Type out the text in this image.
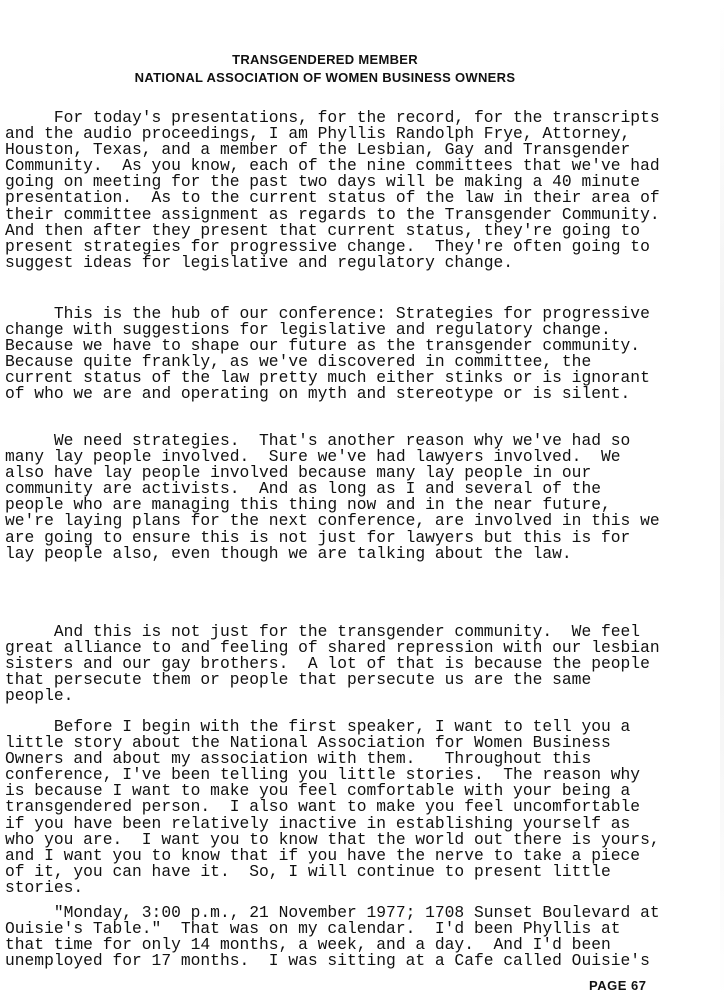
TRANSGENDERED MEMBER
NATIONAL ASSOCIATION OF WOMEN BUSINESS OWNERS
For today's presentations, for the record, for the transcripts
and the audio proceedings, I am Phyllis Randolph Frye, Attorney,
Houston, Texas, and a member of the Lesbian, Gay and Transgender
Community.  As you know, each of the nine committees that we've had
going on meeting for the past two days will be making a 40 minute
presentation.  As to the current status of the law in their area of
their committee assignment as regards to the Transgender Community.
And then after they present that current status, they're going to
present strategies for progressive change.  They're often going to
suggest ideas for legislative and regulatory change.
This is the hub of our conference: Strategies for progressive
change with suggestions for legislative and regulatory change.
Because we have to shape our future as the transgender community.
Because quite frankly, as we've discovered in committee, the
current status of the law pretty much either stinks or is ignorant
of who we are and operating on myth and stereotype or is silent.
We need strategies.  That's another reason why we've had so
many lay people involved.  Sure we've had lawyers involved.  We
also have lay people involved because many lay people in our
community are activists.  And as long as I and several of the
people who are managing this thing now and in the near future,
we're laying plans for the next conference, are involved in this we
are going to ensure this is not just for lawyers but this is for
lay people also, even though we are talking about the law.
And this is not just for the transgender community.  We feel
great alliance to and feeling of shared repression with our lesbian
sisters and our gay brothers.  A lot of that is because the people
that persecute them or people that persecute us are the same
people.
Before I begin with the first speaker, I want to tell you a
little story about the National Association for Women Business
Owners and about my association with them.   Throughout this
conference, I've been telling you little stories.  The reason why
is because I want to make you feel comfortable with your being a
transgendered person.  I also want to make you feel uncomfortable
if you have been relatively inactive in establishing yourself as
who you are.  I want you to know that the world out there is yours,
and I want you to know that if you have the nerve to take a piece
of it, you can have it.  So, I will continue to present little
stories.
"Monday, 3:00 p.m., 21 November 1977; 1708 Sunset Boulevard at
Ouisie's Table."  That was on my calendar.  I'd been Phyllis at
that time for only 14 months, a week, and a day.  And I'd been
unemployed for 17 months.  I was sitting at a Cafe called Ouisie's
PAGE 67
